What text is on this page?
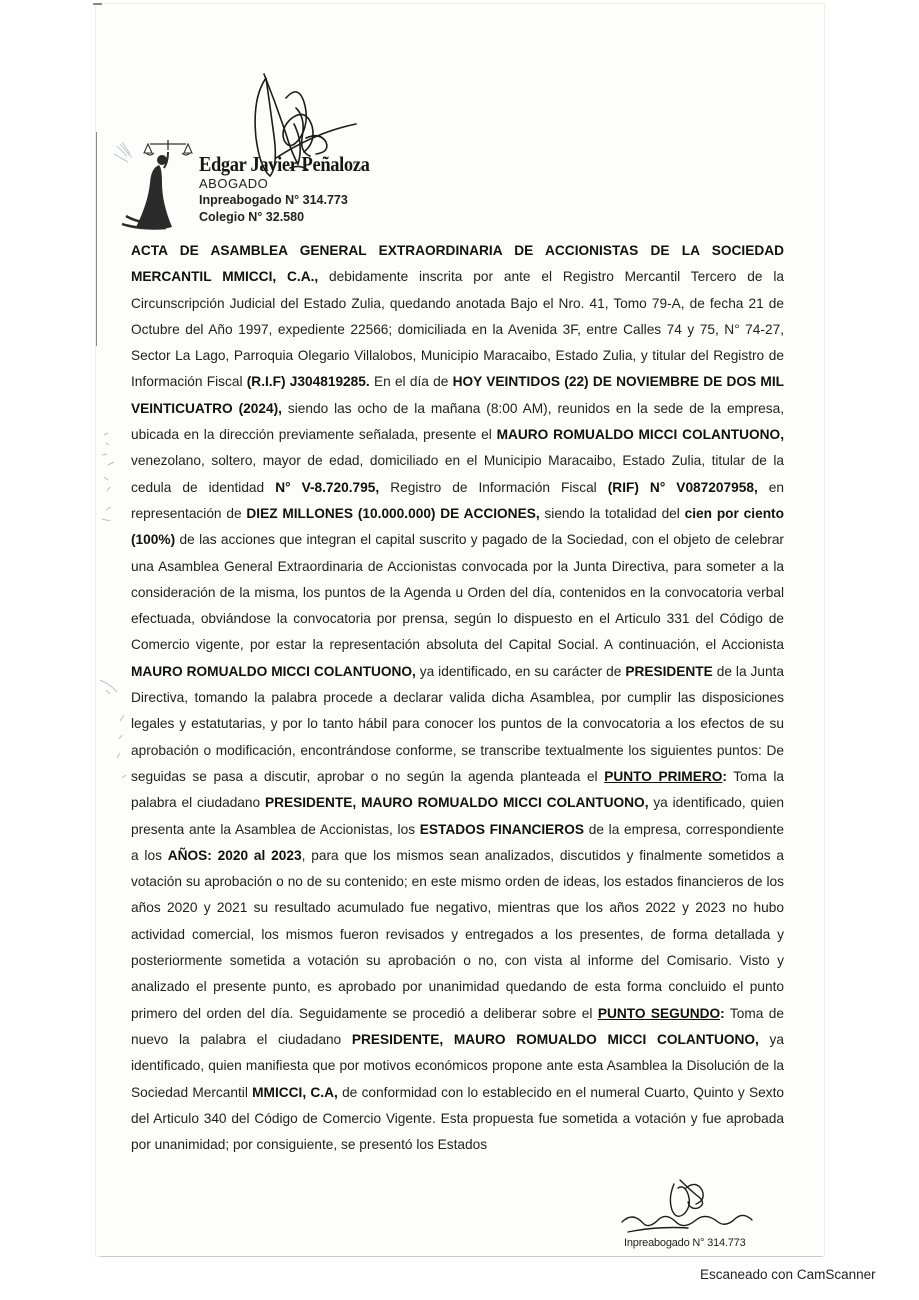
Edgar Javier Peñaloza
ABOGADO
Inpreabogado N° 314.773
Colegio N° 32.580

ACTA DE ASAMBLEA GENERAL EXTRAORDINARIA DE ACCIONISTAS DE LA SOCIEDAD MERCANTIL MMICCI, C.A., debidamente inscrita por ante el Registro Mercantil Tercero de la Circunscripción Judicial del Estado Zulia, quedando anotada Bajo el Nro. 41, Tomo 79-A, de fecha 21 de Octubre del Año 1997, expediente 22566; domiciliada en la Avenida 3F, entre Calles 74 y 75, N° 74-27, Sector La Lago, Parroquia Olegario Villalobos, Municipio Maracaibo, Estado Zulia, y titular del Registro de Información Fiscal (R.I.F) J304819285. En el día de HOY VEINTIDOS (22) DE NOVIEMBRE DE DOS MIL VEINTICUATRO (2024), siendo las ocho de la mañana (8:00 AM), reunidos en la sede de la empresa, ubicada en la dirección previamente señalada, presente el MAURO ROMUALDO MICCI COLANTUONO, venezolano, soltero, mayor de edad, domiciliado en el Municipio Maracaibo, Estado Zulia, titular de la cedula de identidad N° V-8.720.795, Registro de Información Fiscal (RIF) N° V087207958, en representación de DIEZ MILLONES (10.000.000) DE ACCIONES, siendo la totalidad del cien por ciento (100%) de las acciones que integran el capital suscrito y pagado de la Sociedad, con el objeto de celebrar una Asamblea General Extraordinaria de Accionistas convocada por la Junta Directiva, para someter a la consideración de la misma, los puntos de la Agenda u Orden del día, contenidos en la convocatoria verbal efectuada, obviándose la convocatoria por prensa, según lo dispuesto en el Articulo 331 del Código de Comercio vigente, por estar la representación absoluta del Capital Social. A continuación, el Accionista MAURO ROMUALDO MICCI COLANTUONO, ya identificado, en su carácter de PRESIDENTE de la Junta Directiva, tomando la palabra procede a declarar valida dicha Asamblea, por cumplir las disposiciones legales y estatutarias, y por lo tanto hábil para conocer los puntos de la convocatoria a los efectos de su aprobación o modificación, encontrándose conforme, se transcribe textualmente los siguientes puntos: De seguidas se pasa a discutir, aprobar o no según la agenda planteada el PUNTO PRIMERO: Toma la palabra el ciudadano PRESIDENTE, MAURO ROMUALDO MICCI COLANTUONO, ya identificado, quien presenta ante la Asamblea de Accionistas, los ESTADOS FINANCIEROS de la empresa, correspondiente a los AÑOS: 2020 al 2023, para que los mismos sean analizados, discutidos y finalmente sometidos a votación su aprobación o no de su contenido; en este mismo orden de ideas, los estados financieros de los años 2020 y 2021 su resultado acumulado fue negativo, mientras que los años 2022 y 2023 no hubo actividad comercial, los mismos fueron revisados y entregados a los presentes, de forma detallada y posteriormente sometida a votación su aprobación o no, con vista al informe del Comisario. Visto y analizado el presente punto, es aprobado por unanimidad quedando de esta forma concluido el punto primero del orden del día. Seguidamente se procedió a deliberar sobre el PUNTO SEGUNDO: Toma de nuevo la palabra el ciudadano PRESIDENTE, MAURO ROMUALDO MICCI COLANTUONO, ya identificado, quien manifiesta que por motivos económicos propone ante esta Asamblea la Disolución de la Sociedad Mercantil MMICCI, C.A, de conformidad con lo establecido en el numeral Cuarto, Quinto y Sexto del Articulo 340 del Código de Comercio Vigente. Esta propuesta fue sometida a votación y fue aprobada por unanimidad; por consiguiente, se presentó los Estados

Inpreabogado N° 314.773
Escaneado con CamScanner
